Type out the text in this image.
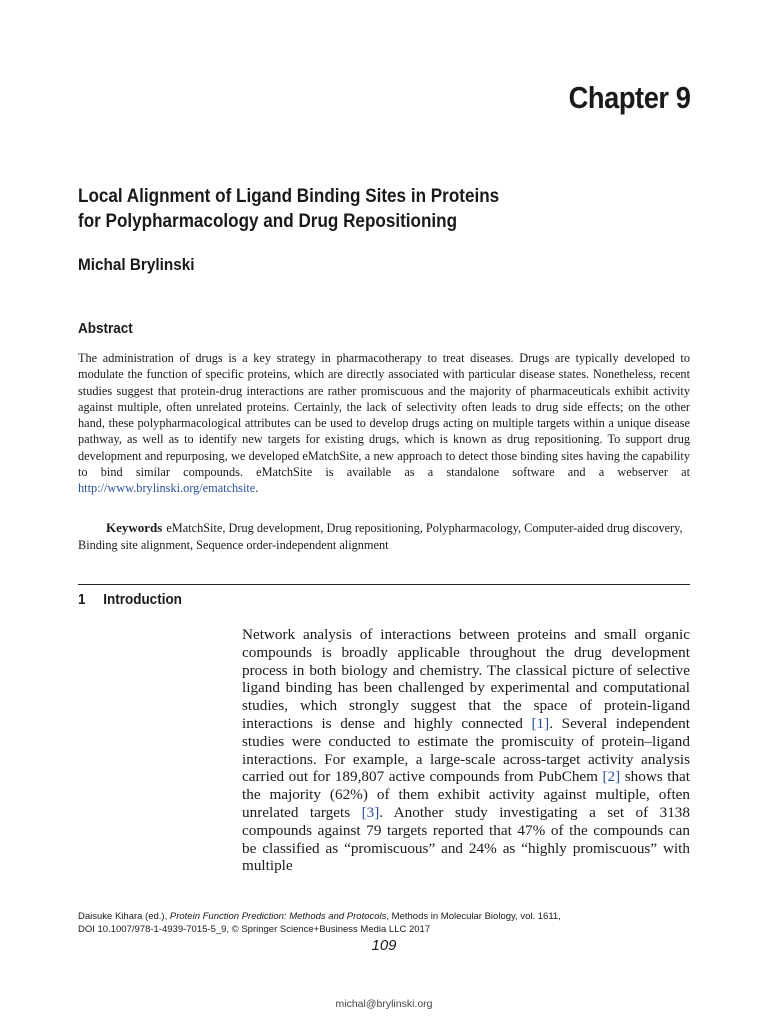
Chapter 9
Local Alignment of Ligand Binding Sites in Proteins
for Polypharmacology and Drug Repositioning
Michal Brylinski
Abstract
The administration of drugs is a key strategy in pharmacotherapy to treat diseases. Drugs are typically developed to modulate the function of specific proteins, which are directly associated with particular disease states. Nonetheless, recent studies suggest that protein-drug interactions are rather promiscuous and the majority of pharmaceuticals exhibit activity against multiple, often unrelated proteins. Certainly, the lack of selectivity often leads to drug side effects; on the other hand, these polypharmacological attributes can be used to develop drugs acting on multiple targets within a unique disease pathway, as well as to identify new targets for existing drugs, which is known as drug repositioning. To support drug development and repurposing, we developed eMatchSite, a new approach to detect those binding sites having the capability to bind similar compounds. eMatchSite is available as a standalone software and a webserver at http://www.brylinski.org/ematchsite.
Keywords eMatchSite, Drug development, Drug repositioning, Polypharmacology, Computer-aided drug discovery, Binding site alignment, Sequence order-independent alignment
1 Introduction
Network analysis of interactions between proteins and small organic compounds is broadly applicable throughout the drug development process in both biology and chemistry. The classical picture of selective ligand binding has been challenged by experimental and computational studies, which strongly suggest that the space of protein-ligand interactions is dense and highly connected [1]. Several independent studies were conducted to estimate the promiscuity of protein–ligand interactions. For example, a large-scale across-target activity analysis carried out for 189,807 active compounds from PubChem [2] shows that the majority (62%) of them exhibit activity against multiple, often unrelated targets [3]. Another study investigating a set of 3138 compounds against 79 targets reported that 47% of the compounds can be classified as “promiscuous” and 24% as “highly promiscuous” with multiple
Daisuke Kihara (ed.), Protein Function Prediction: Methods and Protocols, Methods in Molecular Biology, vol. 1611,
DOI 10.1007/978-1-4939-7015-5_9, © Springer Science+Business Media LLC 2017
109
michal@brylinski.org
